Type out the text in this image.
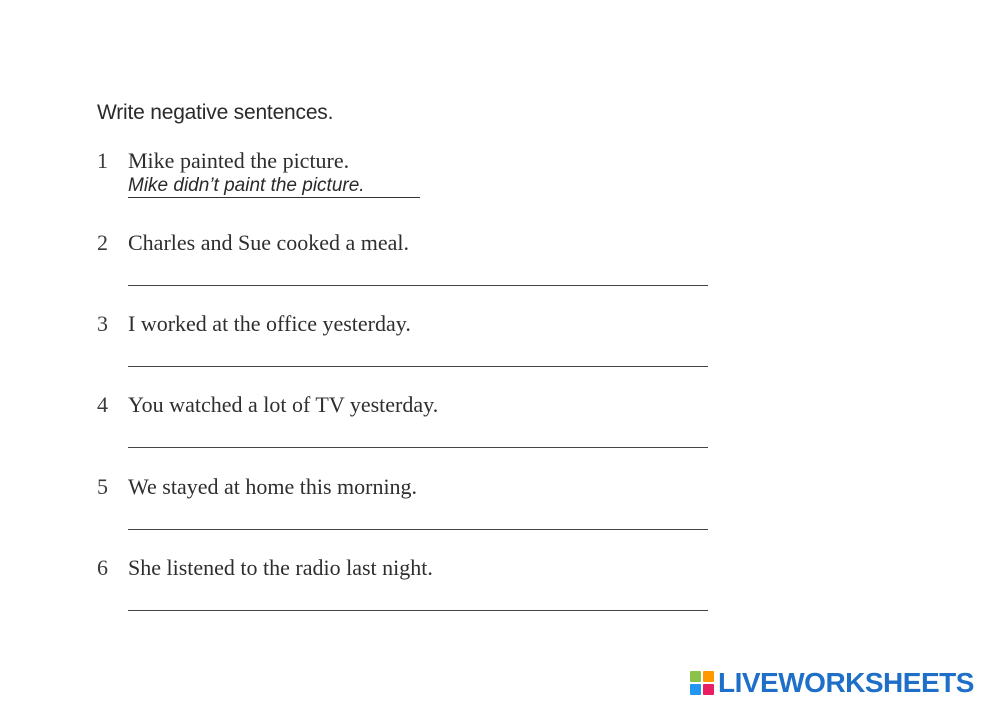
Write negative sentences.
1 Mike painted the picture.
Mike didn’t paint the picture.
2 Charles and Sue cooked a meal.
3 I worked at the office yesterday.
4 You watched a lot of TV yesterday.
5 We stayed at home this morning.
6 She listened to the radio last night.
LIVEWORKSHEETS
